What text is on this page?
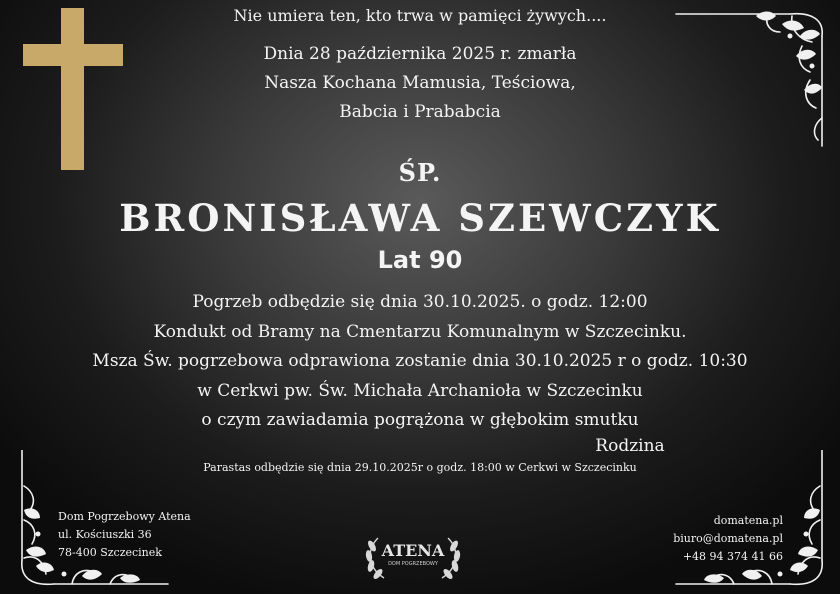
Nie umiera ten, kto trwa w pamięci żywych....
Dnia 28 października 2025 r. zmarła
Nasza Kochana Mamusia, Teściowa,
Babcia i Prababcia
ŚP.
BRONISŁAWA SZEWCZYK
Lat 90
Pogrzeb odbędzie się dnia 30.10.2025. o godz. 12:00
Kondukt od Bramy na Cmentarzu Komunalnym w Szczecinku.
Msza Św. pogrzebowa odprawiona zostanie dnia 30.10.2025 r o godz. 10:30
w Cerkwi pw. Św. Michała Archanioła w Szczecinku
o czym zawiadamia pogrążona w głębokim smutku
Rodzina
Parastas odbędzie się dnia 29.10.2025r o godz. 18:00 w Cerkwi w Szczecinku
Dom Pogrzebowy Atena
ul. Kościuszki 36
78-400 Szczecinek
domatena.pl
biuro@domatena.pl
+48 94 374 41 66
ATENA
DOM POGRZEBOWY
